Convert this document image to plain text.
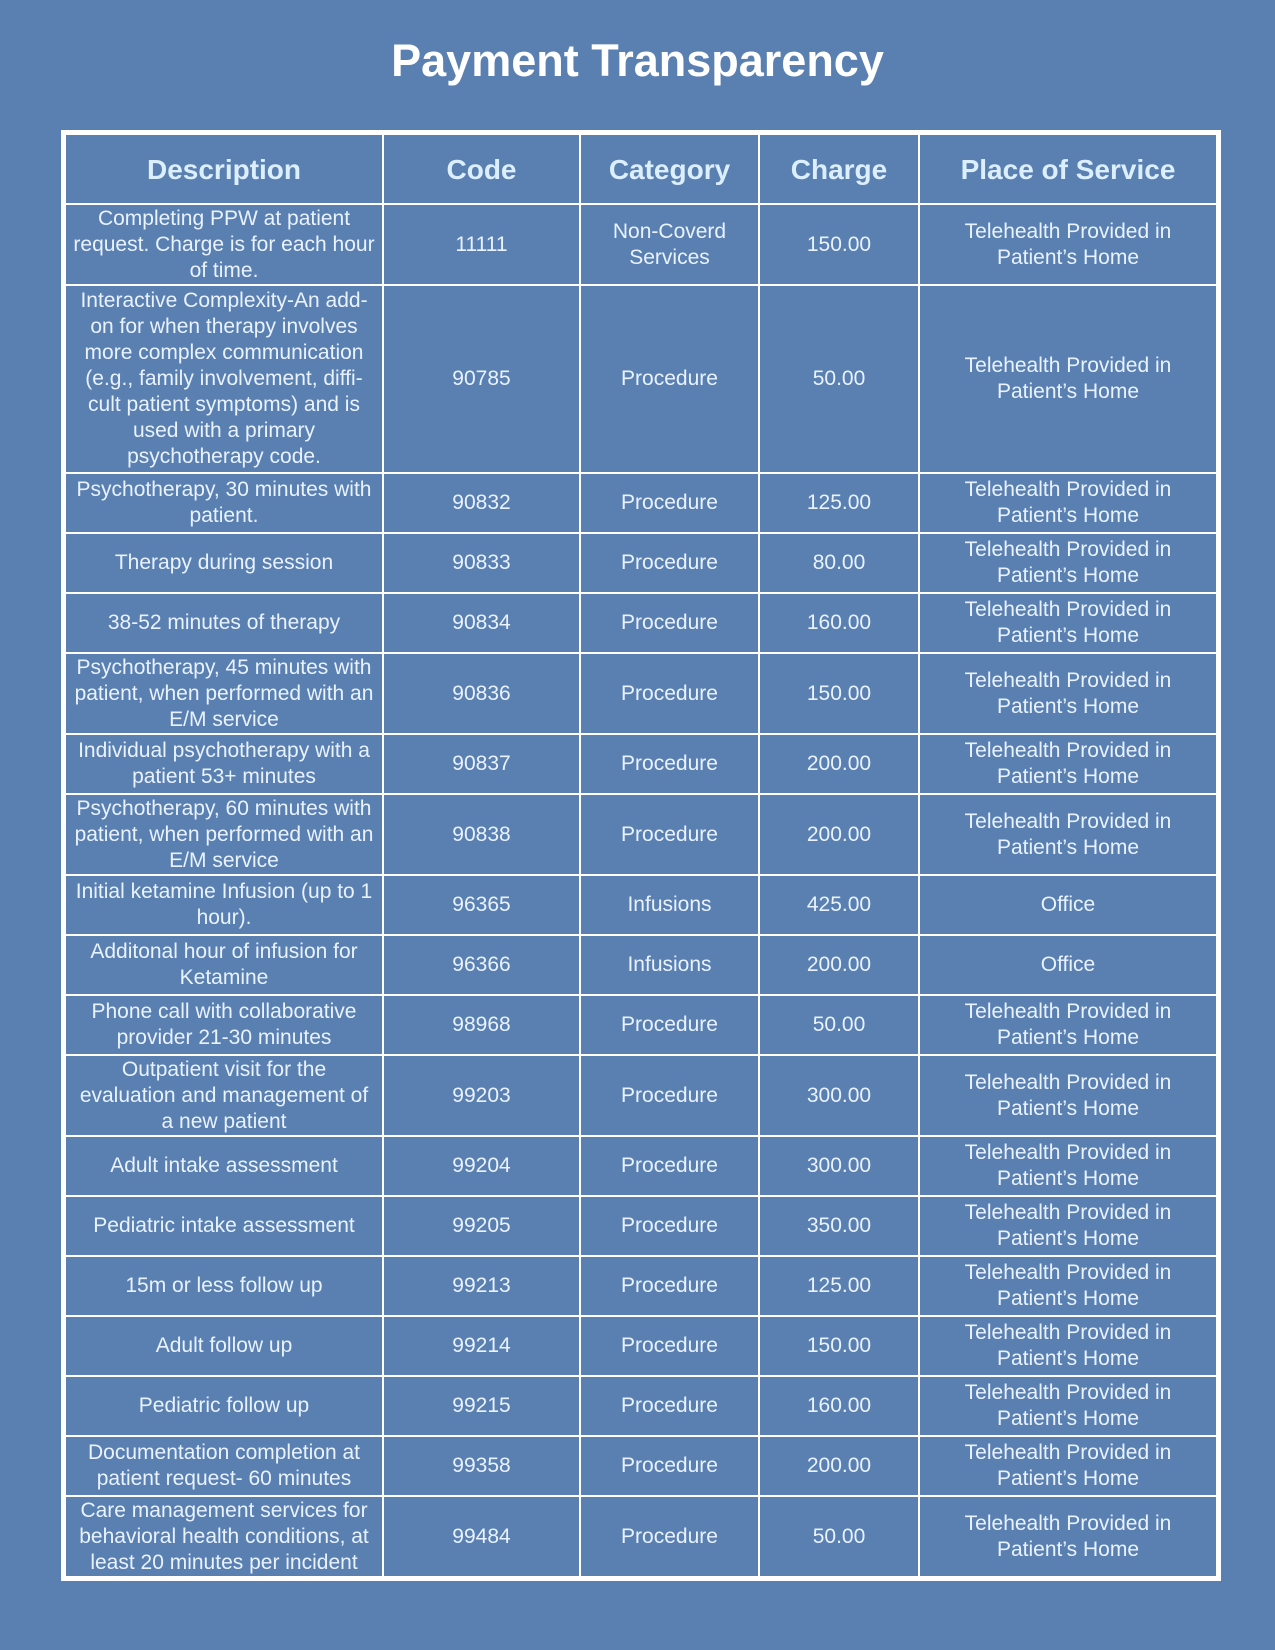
Payment Transparency
Description	Code	Category	Charge	Place of Service
Completing PPW at patient request. Charge is for each hour of time.	11111	Non-Coverd Services	150.00	Telehealth Provided in Patient’s Home
Interactive Complexity-An add-on for when therapy involves more complex communication (e.g., family involvement, diffi-cult patient symptoms) and is used with a primary psychotherapy code.	90785	Procedure	50.00	Telehealth Provided in Patient’s Home
Psychotherapy, 30 minutes with patient.	90832	Procedure	125.00	Telehealth Provided in Patient’s Home
Therapy during session	90833	Procedure	80.00	Telehealth Provided in Patient’s Home
38-52 minutes of therapy	90834	Procedure	160.00	Telehealth Provided in Patient’s Home
Psychotherapy, 45 minutes with patient, when performed with an E/M service	90836	Procedure	150.00	Telehealth Provided in Patient’s Home
Individual psychotherapy with a patient 53+ minutes	90837	Procedure	200.00	Telehealth Provided in Patient’s Home
Psychotherapy, 60 minutes with patient, when performed with an E/M service	90838	Procedure	200.00	Telehealth Provided in Patient’s Home
Initial ketamine Infusion (up to 1 hour).	96365	Infusions	425.00	Office
Additonal hour of infusion for Ketamine	96366	Infusions	200.00	Office
Phone call with collaborative provider 21-30 minutes	98968	Procedure	50.00	Telehealth Provided in Patient’s Home
Outpatient visit for the evaluation and management of a new patient	99203	Procedure	300.00	Telehealth Provided in Patient’s Home
Adult intake assessment	99204	Procedure	300.00	Telehealth Provided in Patient’s Home
Pediatric intake assessment	99205	Procedure	350.00	Telehealth Provided in Patient’s Home
15m or less follow up	99213	Procedure	125.00	Telehealth Provided in Patient’s Home
Adult follow up	99214	Procedure	150.00	Telehealth Provided in Patient’s Home
Pediatric follow up	99215	Procedure	160.00	Telehealth Provided in Patient’s Home
Documentation completion at patient request- 60 minutes	99358	Procedure	200.00	Telehealth Provided in Patient’s Home
Care management services for behavioral health conditions, at least 20 minutes per incident	99484	Procedure	50.00	Telehealth Provided in Patient’s Home
